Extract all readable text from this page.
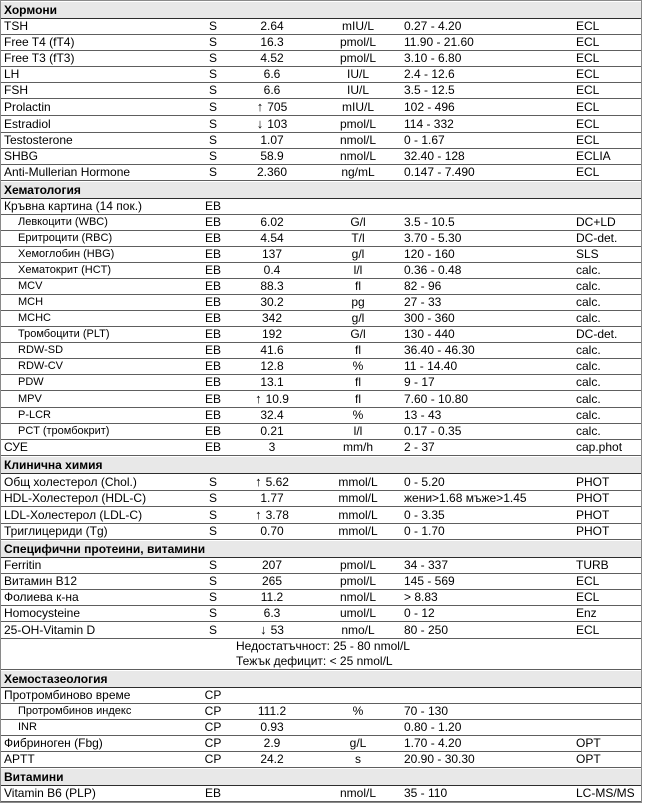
Хормони					
TSH	S	2.64	mIU/L	0.27 - 4.20	ECL
Free T4 (fT4)	S	16.3	pmol/L	11.90 - 21.60	ECL
Free T3 (fT3)	S	4.52	pmol/L	3.10 - 6.80	ECL
LH	S	6.6	IU/L	2.4 - 12.6	ECL
FSH	S	6.6	IU/L	3.5 - 12.5	ECL
Prolactin	S	↑ 705	mIU/L	102 - 496	ECL
Estradiol	S	↓ 103	pmol/L	114 - 332	ECL
Testosterone	S	1.07	nmol/L	0 - 1.67	ECL
SHBG	S	58.9	nmol/L	32.40 - 128	ECLIA
Anti-Mullerian Hormone	S	2.360	ng/mL	0.147 - 7.490	ECL
Хематология					
Кръвна картина (14 пок.)	ЕВ				
Левкоцити (WBC)	ЕВ	6.02	G/l	3.5 - 10.5	DC+LD
Еритроцити (RBC)	ЕВ	4.54	T/l	3.70 - 5.30	DC-det.
Хемоглобин (HBG)	ЕВ	137	g/l	120 - 160	SLS
Хематокрит (HCT)	ЕВ	0.4	l/l	0.36 - 0.48	calc.
MCV	ЕВ	88.3	fl	82 - 96	calc.
MCH	ЕВ	30.2	pg	27 - 33	calc.
MCHC	ЕВ	342	g/l	300 - 360	calc.
Тромбоцити (PLT)	ЕВ	192	G/l	130 - 440	DC-det.
RDW-SD	ЕВ	41.6	fl	36.40 - 46.30	calc.
RDW-CV	ЕВ	12.8	%	11 - 14.40	calc.
PDW	ЕВ	13.1	fl	9 - 17	calc.
MPV	ЕВ	↑ 10.9	fl	7.60 - 10.80	calc.
P-LCR	ЕВ	32.4	%	13 - 43	calc.
PCT (тромбокрит)	ЕВ	0.21	l/l	0.17 - 0.35	calc.
СУЕ	ЕВ	3	mm/h	2 - 37	cap.phot
Клинична химия					
Общ холестерол (Chol.)	S	↑ 5.62	mmol/L	0 - 5.20	PHOT
HDL-Холестерол (HDL-C)	S	1.77	mmol/L	жени>1.68 мъже>1.45	PHOT
LDL-Холестерол (LDL-C)	S	↑ 3.78	mmol/L	0 - 3.35	PHOT
Триглицериди (Tg)	S	0.70	mmol/L	0 - 1.70	PHOT
Специфични протеини, витамини					
Ferritin	S	207	pmol/L	34 - 337	TURB
Витамин B12	S	265	pmol/L	145 - 569	ECL
Фолиева к-на	S	11.2	nmol/L	> 8.83	ECL
Homocysteine	S	6.3	umol/L	0 - 12	Enz
25-OH-Vitamin D	S	↓ 53	nmo/L	80 - 250	ECL

		Недостатъчност: 25 - 80 nmol/L
Тежък дефицит: < 25 nmol/L			

Хемостазеология					
Протромбиново време	CP				
Протромбинов индекс	CP	111.2	%	70 - 130	
INR	CP	0.93		0.80 - 1.20	
Фибриноген (Fbg)	CP	2.9	g/L	1.70 - 4.20	OPT
APTT	CP	24.2	s	20.90 - 30.30	OPT
Витамини					
Vitamin B6 (PLP)	ЕВ		nmol/L	35 - 110	LC-MS/MS
